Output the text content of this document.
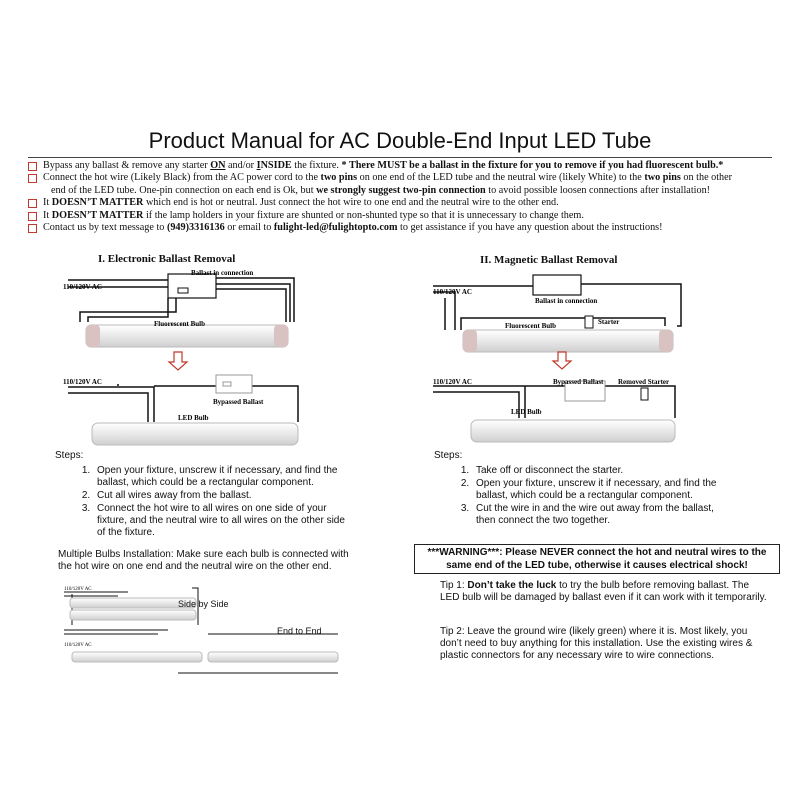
Product Manual for AC Double-End Input LED Tube
Bypass any ballast & remove any starter ON and/or INSIDE the fixture. * There MUST be a ballast in the fixture for you to remove if you had fluorescent bulb.*
Connect the hot wire (Likely Black) from the AC power cord to the two pins on one end of the LED tube and the neutral wire (likely White) to the two pins on the other
end of the LED tube. One-pin connection on each end is Ok, but we strongly suggest two-pin connection to avoid possible loosen connections after installation!
It DOESN’T MATTER which end is hot or neutral. Just connect the hot wire to one end and the neutral wire to the other end.
It DOESN’T MATTER if the lamp holders in your fixture are shunted or non-shunted type so that it is unnecessary to change them.
Contact us by text message to (949)3316136 or email to fulight-led@fulightopto.com to get assistance if you have any question about the instructions!
I. Electronic Ballast Removal
Ballast in connection
110/120V AC
Fluorescent Bulb
Bypassed Ballast
110/120V AC
LED Bulb
Steps:
1. Open your fixture, unscrew it if necessary, and find the ballast, which could be a rectangular component.
2. Cut all wires away from the ballast.
3. Connect the hot wire to all wires on one side of your fixture, and the neutral wire to all wires on the other side of the fixture.
Multiple Bulbs Installation: Make sure each bulb is connected with the hot wire on one end and the neutral wire on the other end.
110/120V AC
110/120V AC
Side by Side
End to End
II. Magnetic Ballast Removal
Ballast in connection
110/120V AC
Starter
Fluorescent Bulb
Bypassed Ballast Removed Starter
110/120V AC
LED Bulb
Steps:
1. Take off or disconnect the starter.
2. Open your fixture, unscrew it if necessary, and find the ballast, which could be a rectangular component.
3. Cut the wire in and the wire out away from the ballast, then connect the two together.
***WARNING***: Please NEVER connect the hot and neutral wires to the same end of the LED tube, otherwise it causes electrical shock!
Tip 1: Don’t take the luck to try the bulb before removing ballast. The LED bulb will be damaged by ballast even if it can work with it temporarily.
Tip 2: Leave the ground wire (likely green) where it is. Most likely, you don’t need to buy anything for this installation. Use the existing wires & plastic connectors for any necessary wire to wire connections.
